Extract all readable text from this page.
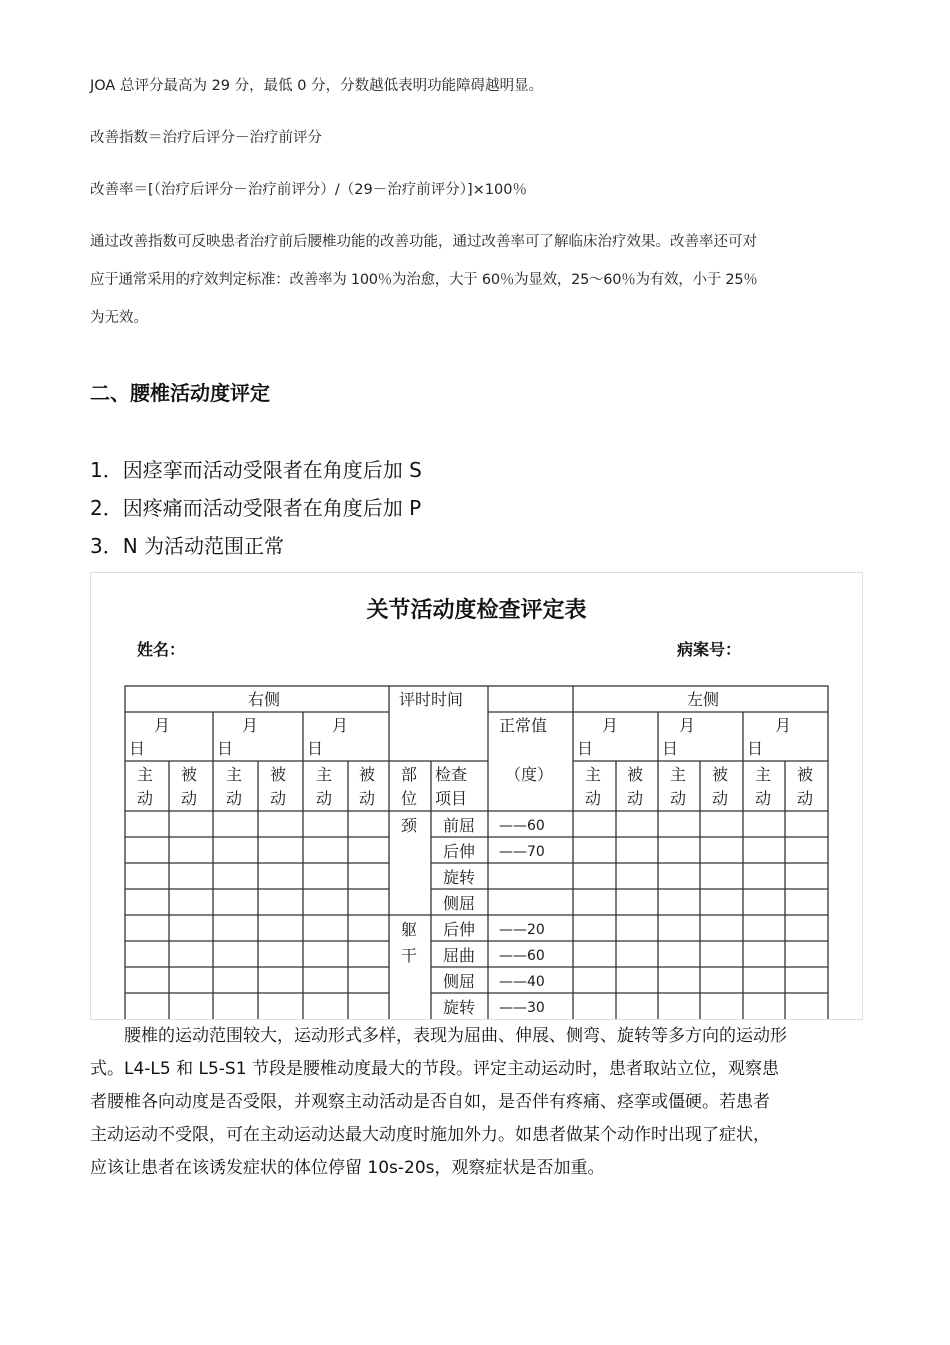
JOA 总评分最高为 29 分，最低 0 分，分数越低表明功能障碍越明显。
改善指数＝治疗后评分－治疗前评分
改善率＝[（治疗后评分－治疗前评分）/（29－治疗前评分）]×100％
通过改善指数可反映患者治疗前后腰椎功能的改善功能，通过改善率可了解临床治疗效果。改善率还可对
应于通常采用的疗效判定标准：改善率为 100％为治愈，大于 60％为显效，25～60％为有效，小于 25％
为无效。
二、腰椎活动度评定
1．因痉挛而活动受限者在角度后加 S
2．因疼痛而活动受限者在角度后加 P
3．N 为活动范围正常
关节活动度检查评定表
姓名：	病案号：
右侧	左侧
评时时间
正常值
（度）
月
日
月
日
月
日
月
日
月
日
月
日
部
位
检查
项目
主
动
被
动
主
动
被
动
主
动
被
动
主
动
被
动
主
动
被
动
主
动
被
动
颈
躯
干
前屈
后伸
旋转
侧屈
后伸
屈曲
侧屈
旋转
——60
——70
——20
——60
——40
——30
腰椎的运动范围较大，运动形式多样，表现为屈曲、伸展、侧弯、旋转等多方向的运动形
式。L4-L5 和 L5-S1 节段是腰椎动度最大的节段。评定主动运动时，患者取站立位，观察患
者腰椎各向动度是否受限，并观察主动活动是否自如，是否伴有疼痛、痉挛或僵硬。若患者
主动运动不受限，可在主动运动达最大动度时施加外力。如患者做某个动作时出现了症状，
应该让患者在该诱发症状的体位停留 10s-20s，观察症状是否加重。
